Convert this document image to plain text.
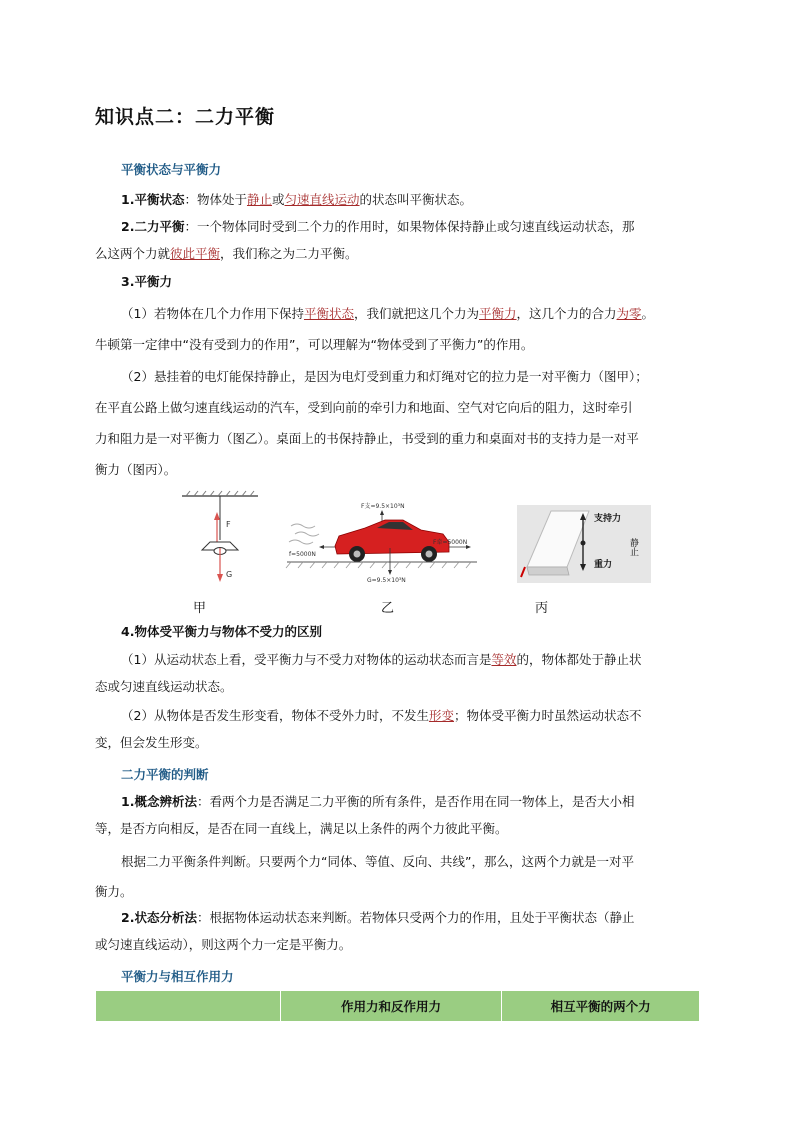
知识点二：二力平衡
平衡状态与平衡力
1.平衡状态：物体处于静止或匀速直线运动的状态叫平衡状态。
2.二力平衡：一个物体同时受到二个力的作用时，如果物体保持静止或匀速直线运动状态，那
么这两个力就彼此平衡，我们称之为二力平衡。
3.平衡力
（1）若物体在几个力作用下保持平衡状态，我们就把这几个力为平衡力，这几个力的合力为零。
牛顿第一定律中“没有受到力的作用”，可以理解为“物体受到了平衡力”的作用。
（2）悬挂着的电灯能保持静止，是因为电灯受到重力和灯绳对它的拉力是一对平衡力（图甲）；
在平直公路上做匀速直线运动的汽车，受到向前的牵引力和地面、空气对它向后的阻力，这时牵引
力和阻力是一对平衡力（图乙）。桌面上的书保持静止，书受到的重力和桌面对书的支持力是一对平
衡力（图丙）。
F
G
F支=9.5×10³N
f=5000N
F牵=5000N
G=9.5×10³N
支持力
重力
静止
甲	乙	丙
4.物体受平衡力与物体不受力的区别
（1）从运动状态上看，受平衡力与不受力对物体的运动状态而言是等效的，物体都处于静止状
态或匀速直线运动状态。
（2）从物体是否发生形变看，物体不受外力时，不发生形变；物体受平衡力时虽然运动状态不
变，但会发生形变。
二力平衡的判断
1.概念辨析法：看两个力是否满足二力平衡的所有条件，是否作用在同一物体上，是否大小相
等，是否方向相反，是否在同一直线上，满足以上条件的两个力彼此平衡。
根据二力平衡条件判断。只要两个力“同体、等值、反向、共线”，那么，这两个力就是一对平
衡力。
2.状态分析法：根据物体运动状态来判断。若物体只受两个力的作用，且处于平衡状态（静止
或匀速直线运动），则这两个力一定是平衡力。
平衡力与相互作用力
	作用力和反作用力	相互平衡的两个力
